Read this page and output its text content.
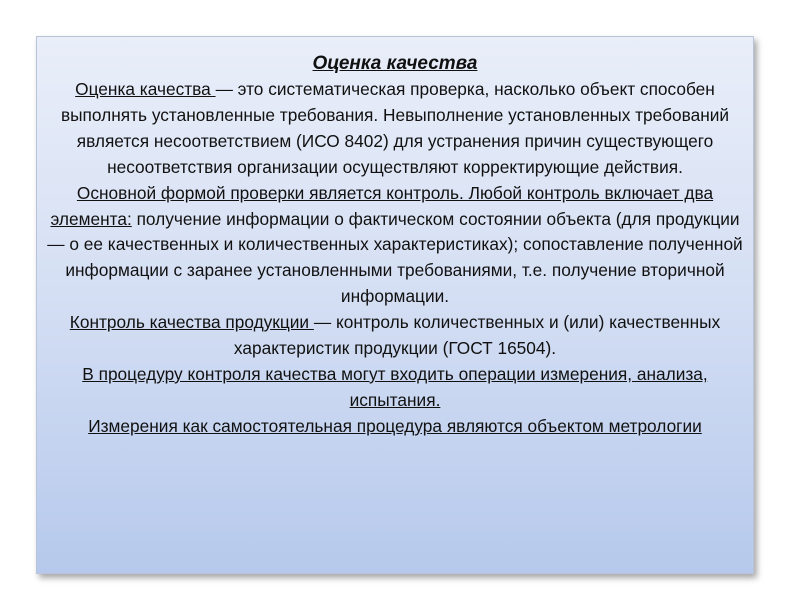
Оценка качества

Оценка качества — это систематическая проверка, насколько объект способен выполнять установленные требования. Невыполнение установленных требований является несоответствием (ИСО 8402) для устранения причин существующего несоответствия организации осуществляют корректирующие действия.

Основной формой проверки является контроль. Любой контроль включает два элемента: получение информации о фактическом состоянии объекта (для продукции — о ее качественных и количественных характеристиках); сопоставление полученной информации с заранее установленными требованиями, т.е. получение вторичной информации.

Контроль качества продукции — контроль количественных и (или) качественных характеристик продукции (ГОСТ 16504).

В процедуру контроля качества могут входить операции измерения, анализа, испытания.

Измерения как самостоятельная процедура являются объектом метрологии
